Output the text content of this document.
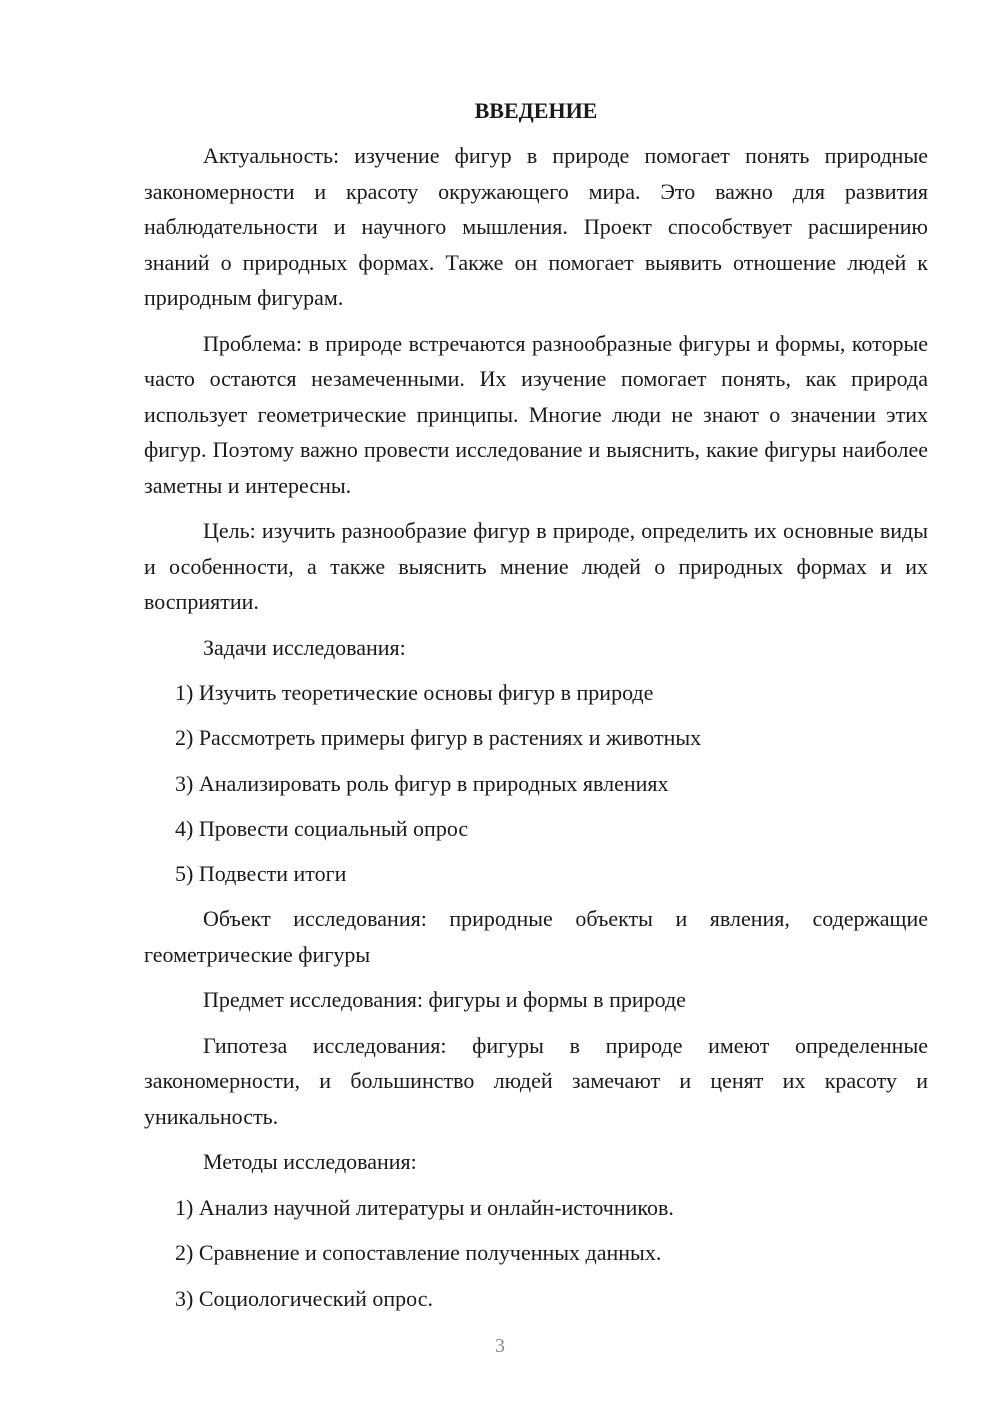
ВВЕДЕНИЕ

Актуальность: изучение фигур в природе помогает понять природные закономерности и красоту окружающего мира. Это важно для развития наблюдательности и научного мышления. Проект способствует расширению знаний о природных формах. Также он помогает выявить отношение людей к природным фигурам.

Проблема: в природе встречаются разнообразные фигуры и формы, которые часто остаются незамеченными. Их изучение помогает понять, как природа использует геометрические принципы. Многие люди не знают о значении этих фигур. Поэтому важно провести исследование и выяснить, какие фигуры наиболее заметны и интересны.

Цель: изучить разнообразие фигур в природе, определить их основные виды и особенности, а также выяснить мнение людей о природных формах и их восприятии.

Задачи исследования:

1) Изучить теоретические основы фигур в природе
2) Рассмотреть примеры фигур в растениях и животных
3) Анализировать роль фигур в природных явлениях
4) Провести социальный опрос
5) Подвести итоги

Объект исследования: природные объекты и явления, содержащие геометрические фигуры

Предмет исследования: фигуры и формы в природе

Гипотеза исследования: фигуры в природе имеют определенные закономерности, и большинство людей замечают и ценят их красоту и уникальность.

Методы исследования:

1) Анализ научной литературы и онлайн-источников.
2) Сравнение и сопоставление полученных данных.
3) Социологический опрос.
3
